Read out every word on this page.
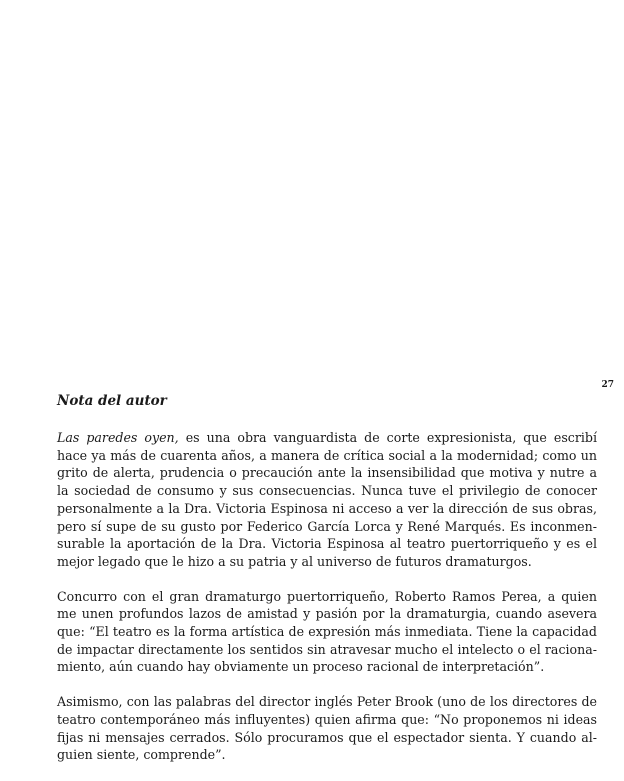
27
Nota del autor

Las paredes oyen, es una obra vanguardista de corte expresionista, que escribí hace ya más de cuarenta años, a manera de crítica social a la modernidad; como un grito de alerta, prudencia o precaución ante la insensibilidad que motiva y nutre a la sociedad de consumo y sus consecuencias. Nunca tuve el privilegio de conocer personalmente a la Dra. Victoria Espinosa ni acceso a ver la dirección de sus obras, pero sí supe de su gusto por Federico García Lorca y René Marqués. Es inconmensurable la aportación de la Dra. Victoria Espinosa al teatro puertorriqueño y es el mejor legado que le hizo a su patria y al universo de futuros dramaturgos.

Concurro con el gran dramaturgo puertorriqueño, Roberto Ramos Perea, a quien me unen profundos lazos de amistad y pasión por la dramaturgia, cuando asevera que: “El teatro es la forma artística de expresión más inmediata. Tiene la capacidad de impactar directamente los sentidos sin atravesar mucho el intelecto o el racionamiento, aún cuando hay obviamente un proceso racional de interpretación”.

Asimismo, con las palabras del director inglés Peter Brook (uno de los directores de teatro contemporáneo más influyentes) quien afirma que: “No proponemos ni ideas fijas ni mensajes cerrados. Sólo procuramos que el espectador sienta. Y cuando alguien siente, comprende”.
